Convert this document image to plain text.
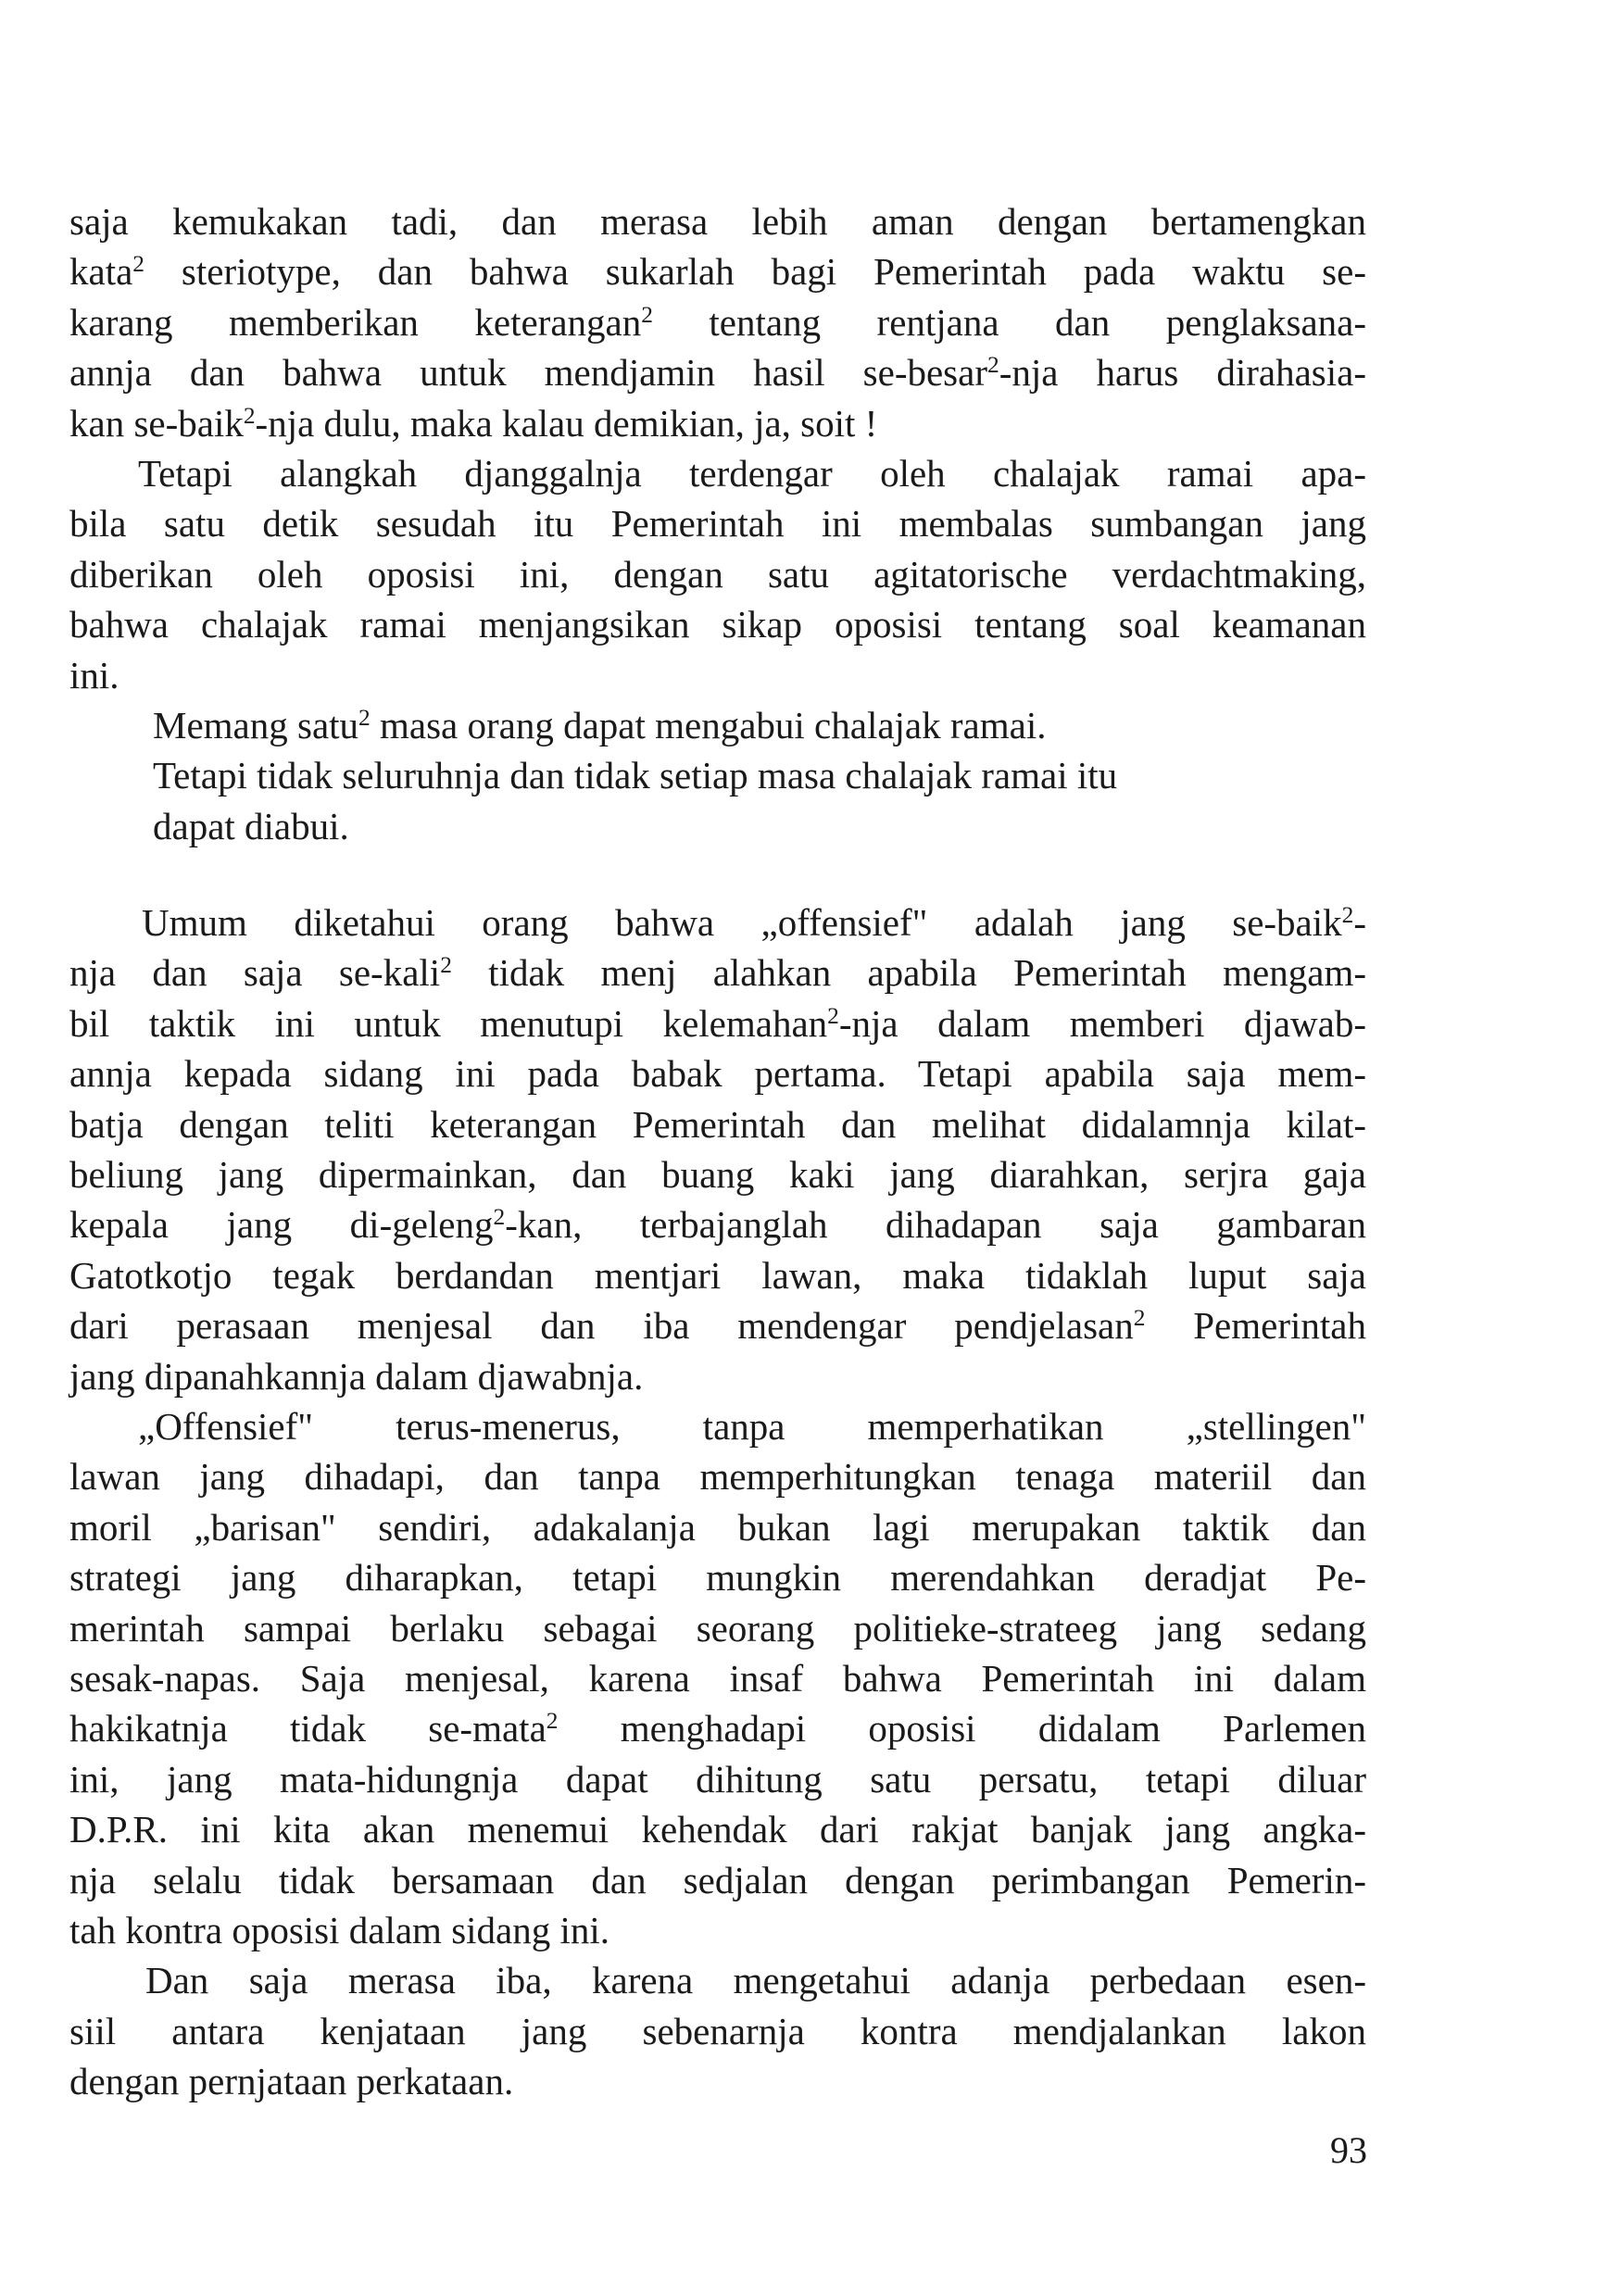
saja kemukakan tadi, dan merasa lebih aman dengan bertamengkan
kata$^2$ steriotype, dan bahwa sukarlah bagi Pemerintah pada waktu se-
karang memberikan keterangan$^2$ tentang rentjana dan penglaksana-
annja dan bahwa untuk mendjamin hasil se-besar$^2$-nja harus dirahasia-
kan se-baik$^2$-nja dulu, maka kalau demikian, ja, soit !
Tetapi alangkah djanggalnja terdengar oleh chalajak ramai apa-
bila satu detik sesudah itu Pemerintah ini membalas sumbangan jang
diberikan oleh oposisi ini, dengan satu agitatorische verdachtmaking,
bahwa chalajak ramai menjangsikan sikap oposisi tentang soal keamanan
ini.
Memang satu$^2$ masa orang dapat mengabui chalajak ramai.
Tetapi tidak seluruhnja dan tidak setiap masa chalajak ramai itu
dapat diabui.
Umum diketahui orang bahwa „offensief" adalah jang se-baik$^2$-
nja dan saja se-kali$^2$ tidak menj alahkan apabila Pemerintah mengam-
bil taktik ini untuk menutupi kelemahan$^2$-nja dalam memberi djawab-
annja kepada sidang ini pada babak pertama. Tetapi apabila saja mem-
batja dengan teliti keterangan Pemerintah dan melihat didalamnja kilat-
beliung jang dipermainkan, dan buang kaki jang diarahkan, serjra gaja
kepala jang di-geleng$^2$-kan, terbajanglah dihadapan saja gambaran
Gatotkotjo tegak berdandan mentjari lawan, maka tidaklah luput saja
dari perasaan menjesal dan iba mendengar pendjelasan$^2$ Pemerintah
jang dipanahkannja dalam djawabnja.
„Offensief" terus-menerus, tanpa memperhatikan „stellingen"
lawan jang dihadapi, dan tanpa memperhitungkan tenaga materiil dan
moril „barisan" sendiri, adakalanja bukan lagi merupakan taktik dan
strategi jang diharapkan, tetapi mungkin merendahkan deradjat Pe-
merintah sampai berlaku sebagai seorang politieke-strateeg jang sedang
sesak-napas. Saja menjesal, karena insaf bahwa Pemerintah ini dalam
hakikatnja tidak se-mata$^2$ menghadapi oposisi didalam Parlemen
ini, jang mata-hidungnja dapat dihitung satu persatu, tetapi diluar
D.P.R. ini kita akan menemui kehendak dari rakjat banjak jang angka-
nja selalu tidak bersamaan dan sedjalan dengan perimbangan Pemerin-
tah kontra oposisi dalam sidang ini.
Dan saja merasa iba, karena mengetahui adanja perbedaan esen-
siil antara kenjataan jang sebenarnja kontra mendjalankan lakon
dengan pernjataan perkataan.
93
